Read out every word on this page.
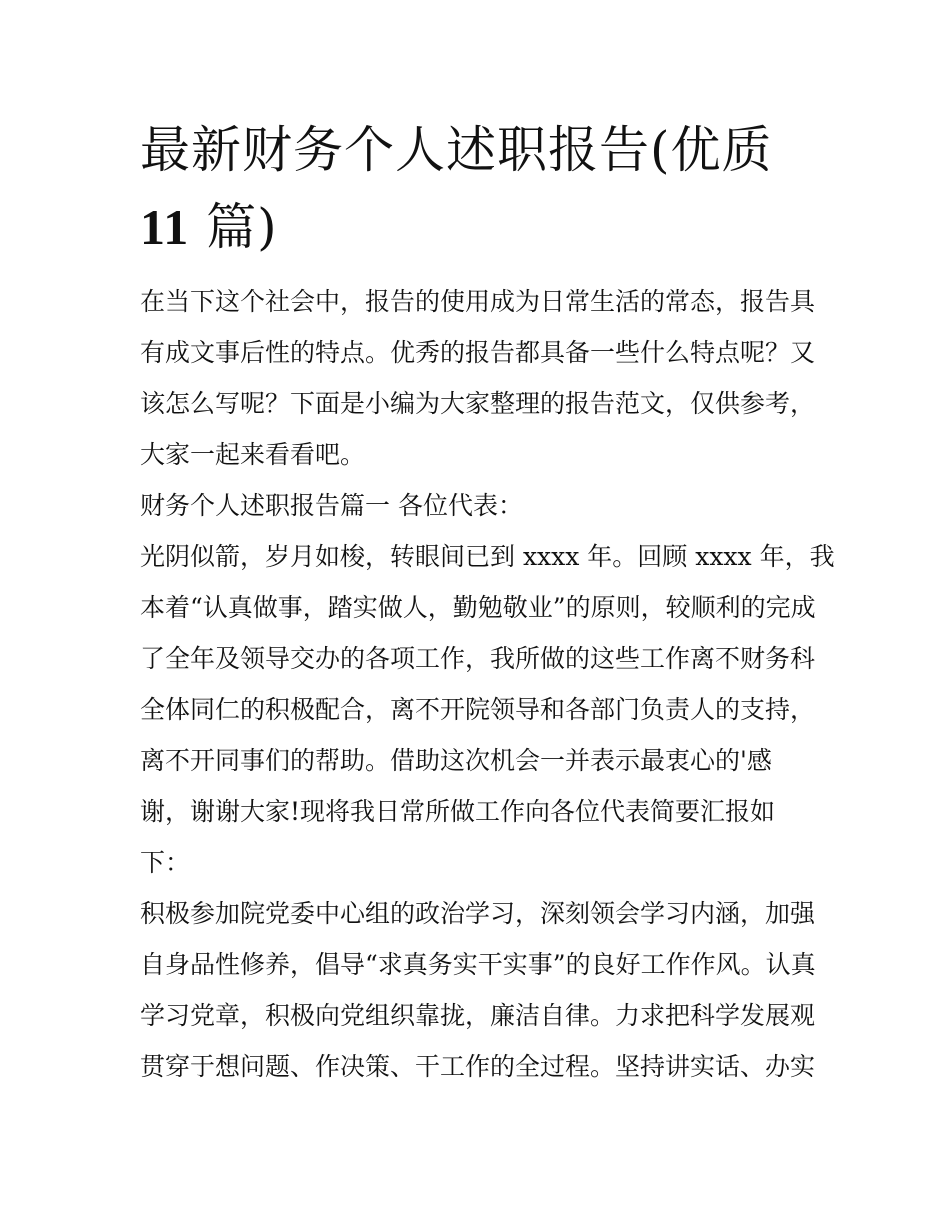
最新财务个人述职报告(优质
11 篇)
在当下这个社会中，报告的使用成为日常生活的常态，报告具
有成文事后性的特点。优秀的报告都具备一些什么特点呢？又
该怎么写呢？下面是小编为大家整理的报告范文，仅供参考，
大家一起来看看吧。
财务个人述职报告篇一 各位代表：
光阴似箭，岁月如梭，转眼间已到 xxxx 年。回顾 xxxx 年，我
本着“认真做事，踏实做人，勤勉敬业”的原则，较顺利的完成
了全年及领导交办的各项工作，我所做的这些工作离不财务科
全体同仁的积极配合，离不开院领导和各部门负责人的支持，
离不开同事们的帮助。借助这次机会一并表示最衷心的'感
谢，谢谢大家!现将我日常所做工作向各位代表简要汇报如
下：
积极参加院党委中心组的政治学习，深刻领会学习内涵，加强
自身品性修养，倡导“求真务实干实事”的良好工作作风。认真
学习党章，积极向党组织靠拢，廉洁自律。力求把科学发展观
贯穿于想问题、作决策、干工作的全过程。坚持讲实话、办实
